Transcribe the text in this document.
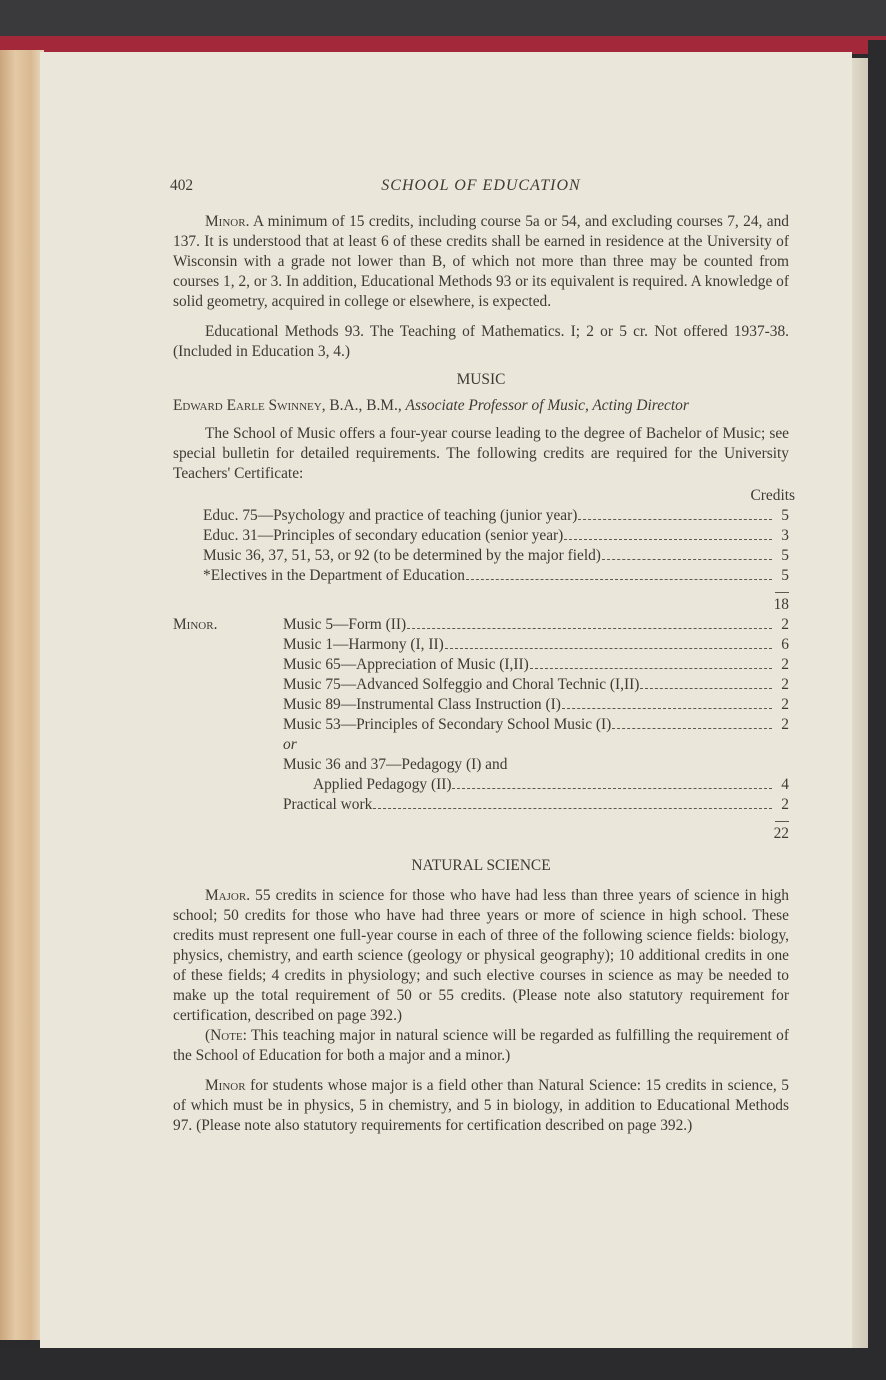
402	SCHOOL OF EDUCATION

Minor. A minimum of 15 credits, including course 5a or 54, and excluding courses 7, 24, and 137. It is understood that at least 6 of these credits shall be earned in residence at the University of Wisconsin with a grade not lower than B, of which not more than three may be counted from courses 1, 2, or 3. In addition, Educational Methods 93 or its equivalent is required. A knowledge of solid geometry, acquired in college or elsewhere, is expected.

Educational Methods 93. The Teaching of Mathematics. I; 2 or 5 cr. Not offered 1937-38. (Included in Education 3, 4.)

MUSIC

Edward Earle Swinney, B.A., B.M., Associate Professor of Music, Acting Director

The School of Music offers a four-year course leading to the degree of Bachelor of Music; see special bulletin for detailed requirements. The following credits are required for the University Teachers' Certificate:

Credits
Educ. 75—Psychology and practice of teaching (junior year)	5
Educ. 31—Principles of secondary education (senior year)	3
Music 36, 37, 51, 53, or 92 (to be determined by the major field)	5
*Electives in the Department of Education	5
18
Minor.	Music 5—Form (II)	2
Music 1—Harmony (I, II)	6
Music 65—Appreciation of Music (I,II)	2
Music 75—Advanced Solfeggio and Choral Technic (I,II)	2
Music 89—Instrumental Class Instruction (I)	2
Music 53—Principles of Secondary School Music (I)	2
or
Music 36 and 37—Pedagogy (I) and
Applied Pedagogy (II)	4
Practical work	2
22
NATURAL SCIENCE

Major. 55 credits in science for those who have had less than three years of science in high school; 50 credits for those who have had three years or more of science in high school. These credits must represent one full-year course in each of three of the following science fields: biology, physics, chemistry, and earth science (geology or physical geography); 10 additional credits in one of these fields; 4 credits in physiology; and such elective courses in science as may be needed to make up the total requirement of 50 or 55 credits. (Please note also statutory requirement for certification, described on page 392.)

(Note: This teaching major in natural science will be regarded as fulfilling the requirement of the School of Education for both a major and a minor.)

Minor for students whose major is a field other than Natural Science: 15 credits in science, 5 of which must be in physics, 5 in chemistry, and 5 in biology, in addition to Educational Methods 97. (Please note also statutory requirements for certification described on page 392.)
